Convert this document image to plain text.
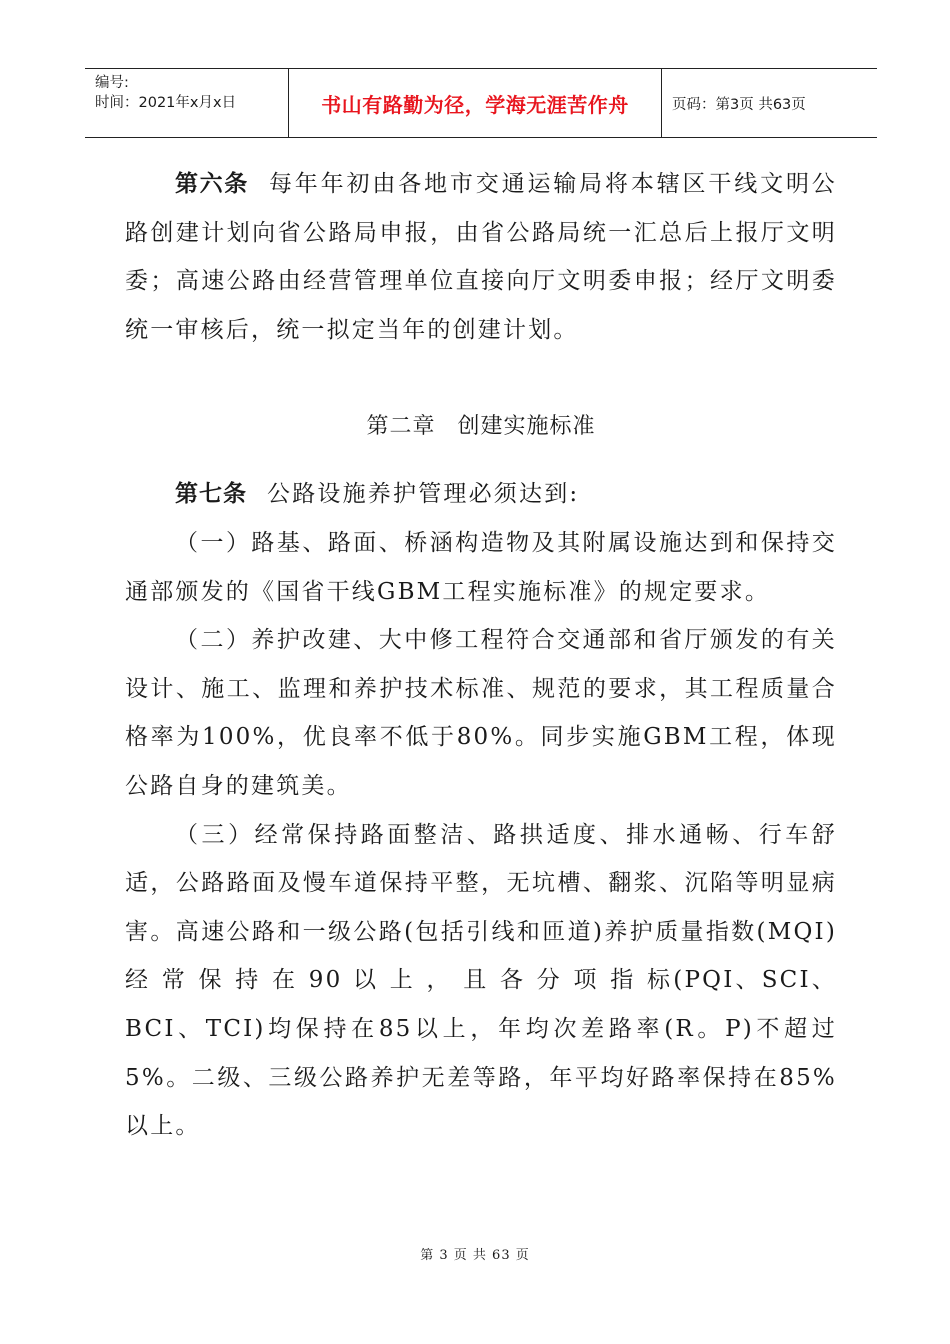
编号:
时间：2021年x月x日	书山有路勤为径，学海无涯苦作舟	页码：第3页 共63页

第六条 每年年初由各地市交通运输局将本辖区干线文明公路创建计划向省公路局申报，由省公路局统一汇总后上报厅文明委；高速公路由经营管理单位直接向厅文明委申报；经厅文明委统一审核后，统一拟定当年的创建计划。

第二章 创建实施标准

第七条 公路设施养护管理必须达到:

（一）路基、路面、桥涵构造物及其附属设施达到和保持交通部颁发的《国省干线GBM工程实施标准》的规定要求。

（二）养护改建、大中修工程符合交通部和省厅颁发的有关设计、施工、监理和养护技术标准、规范的要求，其工程质量合格率为100%，优良率不低于80%。同步实施GBM工程，体现公路自身的建筑美。

（三）经常保持路面整洁、路拱适度、排水通畅、行车舒适，公路路面及慢车道保持平整，无坑槽、翻浆、沉陷等明显病害。高速公路和一级公路(包括引线和匝道)养护质量指数(MQI) 经 常 保 持 在 90 以 上 ， 且 各 分 项 指 标(PQI、SCI、BCI、TCI)均保持在85以上，年均次差路率(R。P)不超过5%。二级、三级公路养护无差等路，年平均好路率保持在85%以上。

第 3 页 共 63 页
